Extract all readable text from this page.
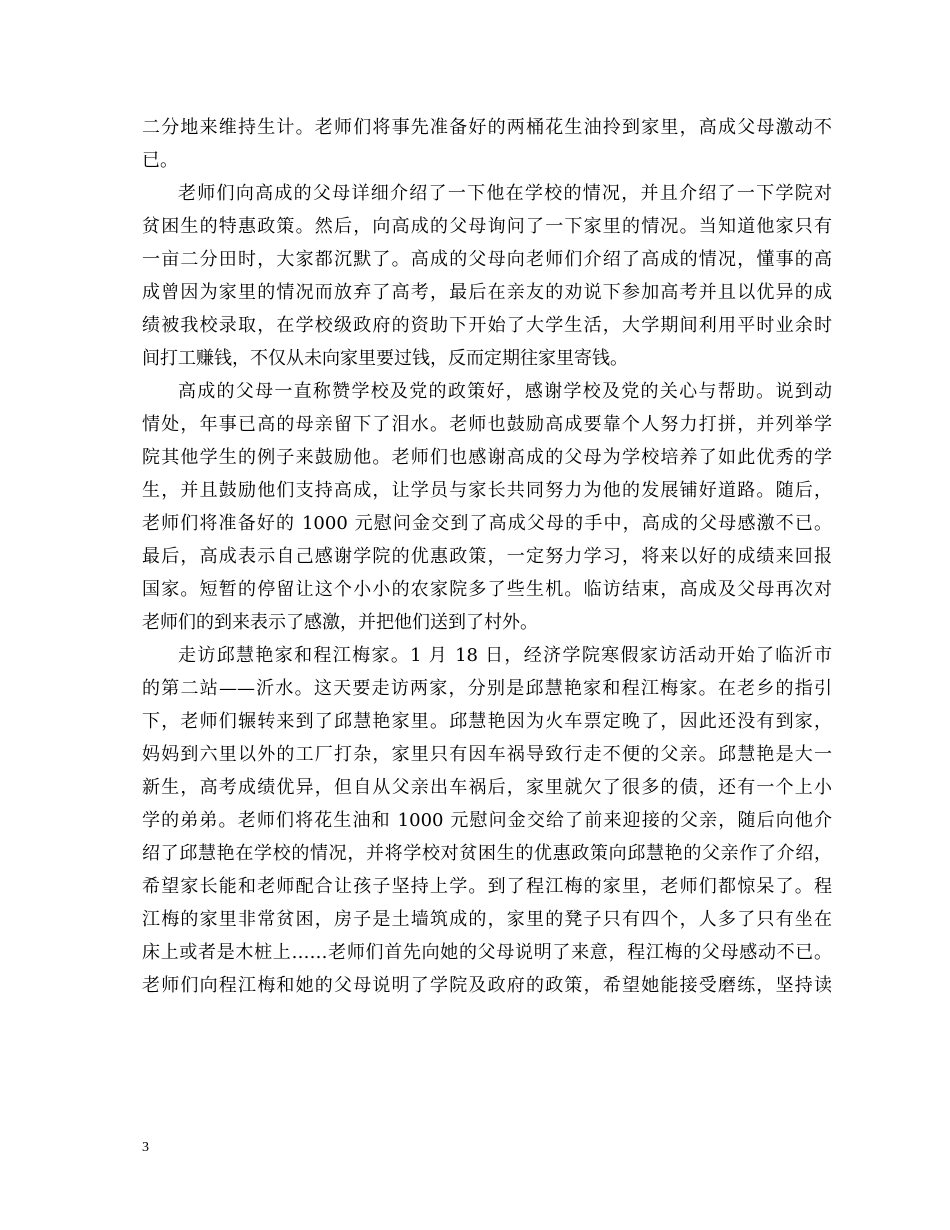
二分地来维持生计。老师们将事先准备好的两桶花生油拎到家里，高成父母激动不
已。
老师们向高成的父母详细介绍了一下他在学校的情况，并且介绍了一下学院对
贫困生的特惠政策。然后，向高成的父母询问了一下家里的情况。当知道他家只有
一亩二分田时，大家都沉默了。高成的父母向老师们介绍了高成的情况，懂事的高
成曾因为家里的情况而放弃了高考，最后在亲友的劝说下参加高考并且以优异的成
绩被我校录取，在学校级政府的资助下开始了大学生活，大学期间利用平时业余时
间打工赚钱，不仅从未向家里要过钱，反而定期往家里寄钱。
高成的父母一直称赞学校及党的政策好，感谢学校及党的关心与帮助。说到动
情处，年事已高的母亲留下了泪水。老师也鼓励高成要靠个人努力打拼，并列举学
院其他学生的例子来鼓励他。老师们也感谢高成的父母为学校培养了如此优秀的学
生，并且鼓励他们支持高成，让学员与家长共同努力为他的发展铺好道路。随后，
老师们将准备好的 1000 元慰问金交到了高成父母的手中，高成的父母感激不已。
最后，高成表示自己感谢学院的优惠政策，一定努力学习，将来以好的成绩来回报
国家。短暂的停留让这个小小的农家院多了些生机。临访结束，高成及父母再次对
老师们的到来表示了感激，并把他们送到了村外。
走访邱慧艳家和程江梅家。1 月 18 日，经济学院寒假家访活动开始了临沂市
的第二站——沂水。这天要走访两家，分别是邱慧艳家和程江梅家。在老乡的指引
下，老师们辗转来到了邱慧艳家里。邱慧艳因为火车票定晚了，因此还没有到家，
妈妈到六里以外的工厂打杂，家里只有因车祸导致行走不便的父亲。邱慧艳是大一
新生，高考成绩优异，但自从父亲出车祸后，家里就欠了很多的债，还有一个上小
学的弟弟。老师们将花生油和 1000 元慰问金交给了前来迎接的父亲，随后向他介
绍了邱慧艳在学校的情况，并将学校对贫困生的优惠政策向邱慧艳的父亲作了介绍，
希望家长能和老师配合让孩子坚持上学。到了程江梅的家里，老师们都惊呆了。程
江梅的家里非常贫困，房子是土墙筑成的，家里的凳子只有四个，人多了只有坐在
床上或者是木桩上……老师们首先向她的父母说明了来意，程江梅的父母感动不已。
老师们向程江梅和她的父母说明了学院及政府的政策，希望她能接受磨练，坚持读
3
